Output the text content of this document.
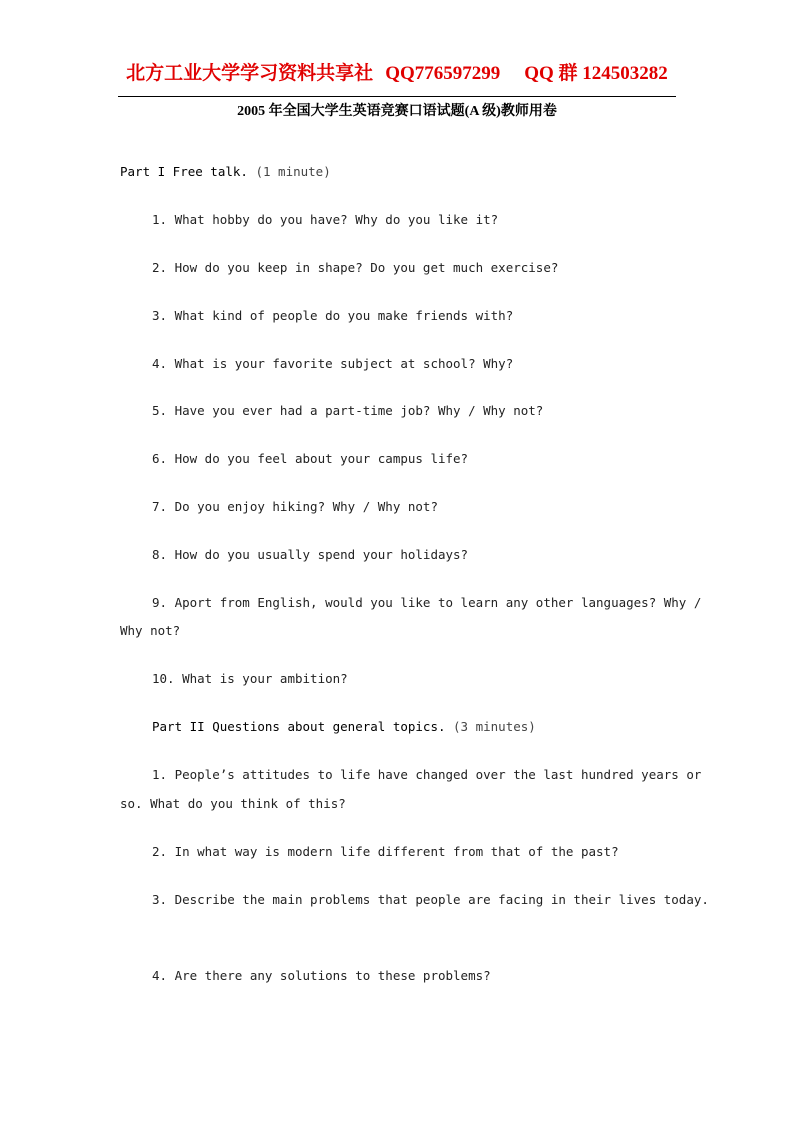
北方工业大学学习资料共享社 QQ776597299 QQ 群 124503282
2005 年全国大学生英语竞赛口语试题(A 级)教师用卷
Part I Free talk. (1 minute)
1. What hobby do you have? Why do you like it?
2. How do you keep in shape? Do you get much exercise?
3. What kind of people do you make friends with?
4. What is your favorite subject at school? Why?
5. Have you ever had a part-time job? Why / Why not?
6. How do you feel about your campus life?
7. Do you enjoy hiking? Why / Why not?
8. How do you usually spend your holidays?
9. Aport from English, would you like to learn any other languages? Why /
Why not?
10. What is your ambition?
Part II Questions about general topics. (3 minutes)
1. People’s attitudes to life have changed over the last hundred years or
so. What do you think of this?
2. In what way is modern life different from that of the past?
3. Describe the main problems that people are facing in their lives today.
4. Are there any solutions to these problems?
